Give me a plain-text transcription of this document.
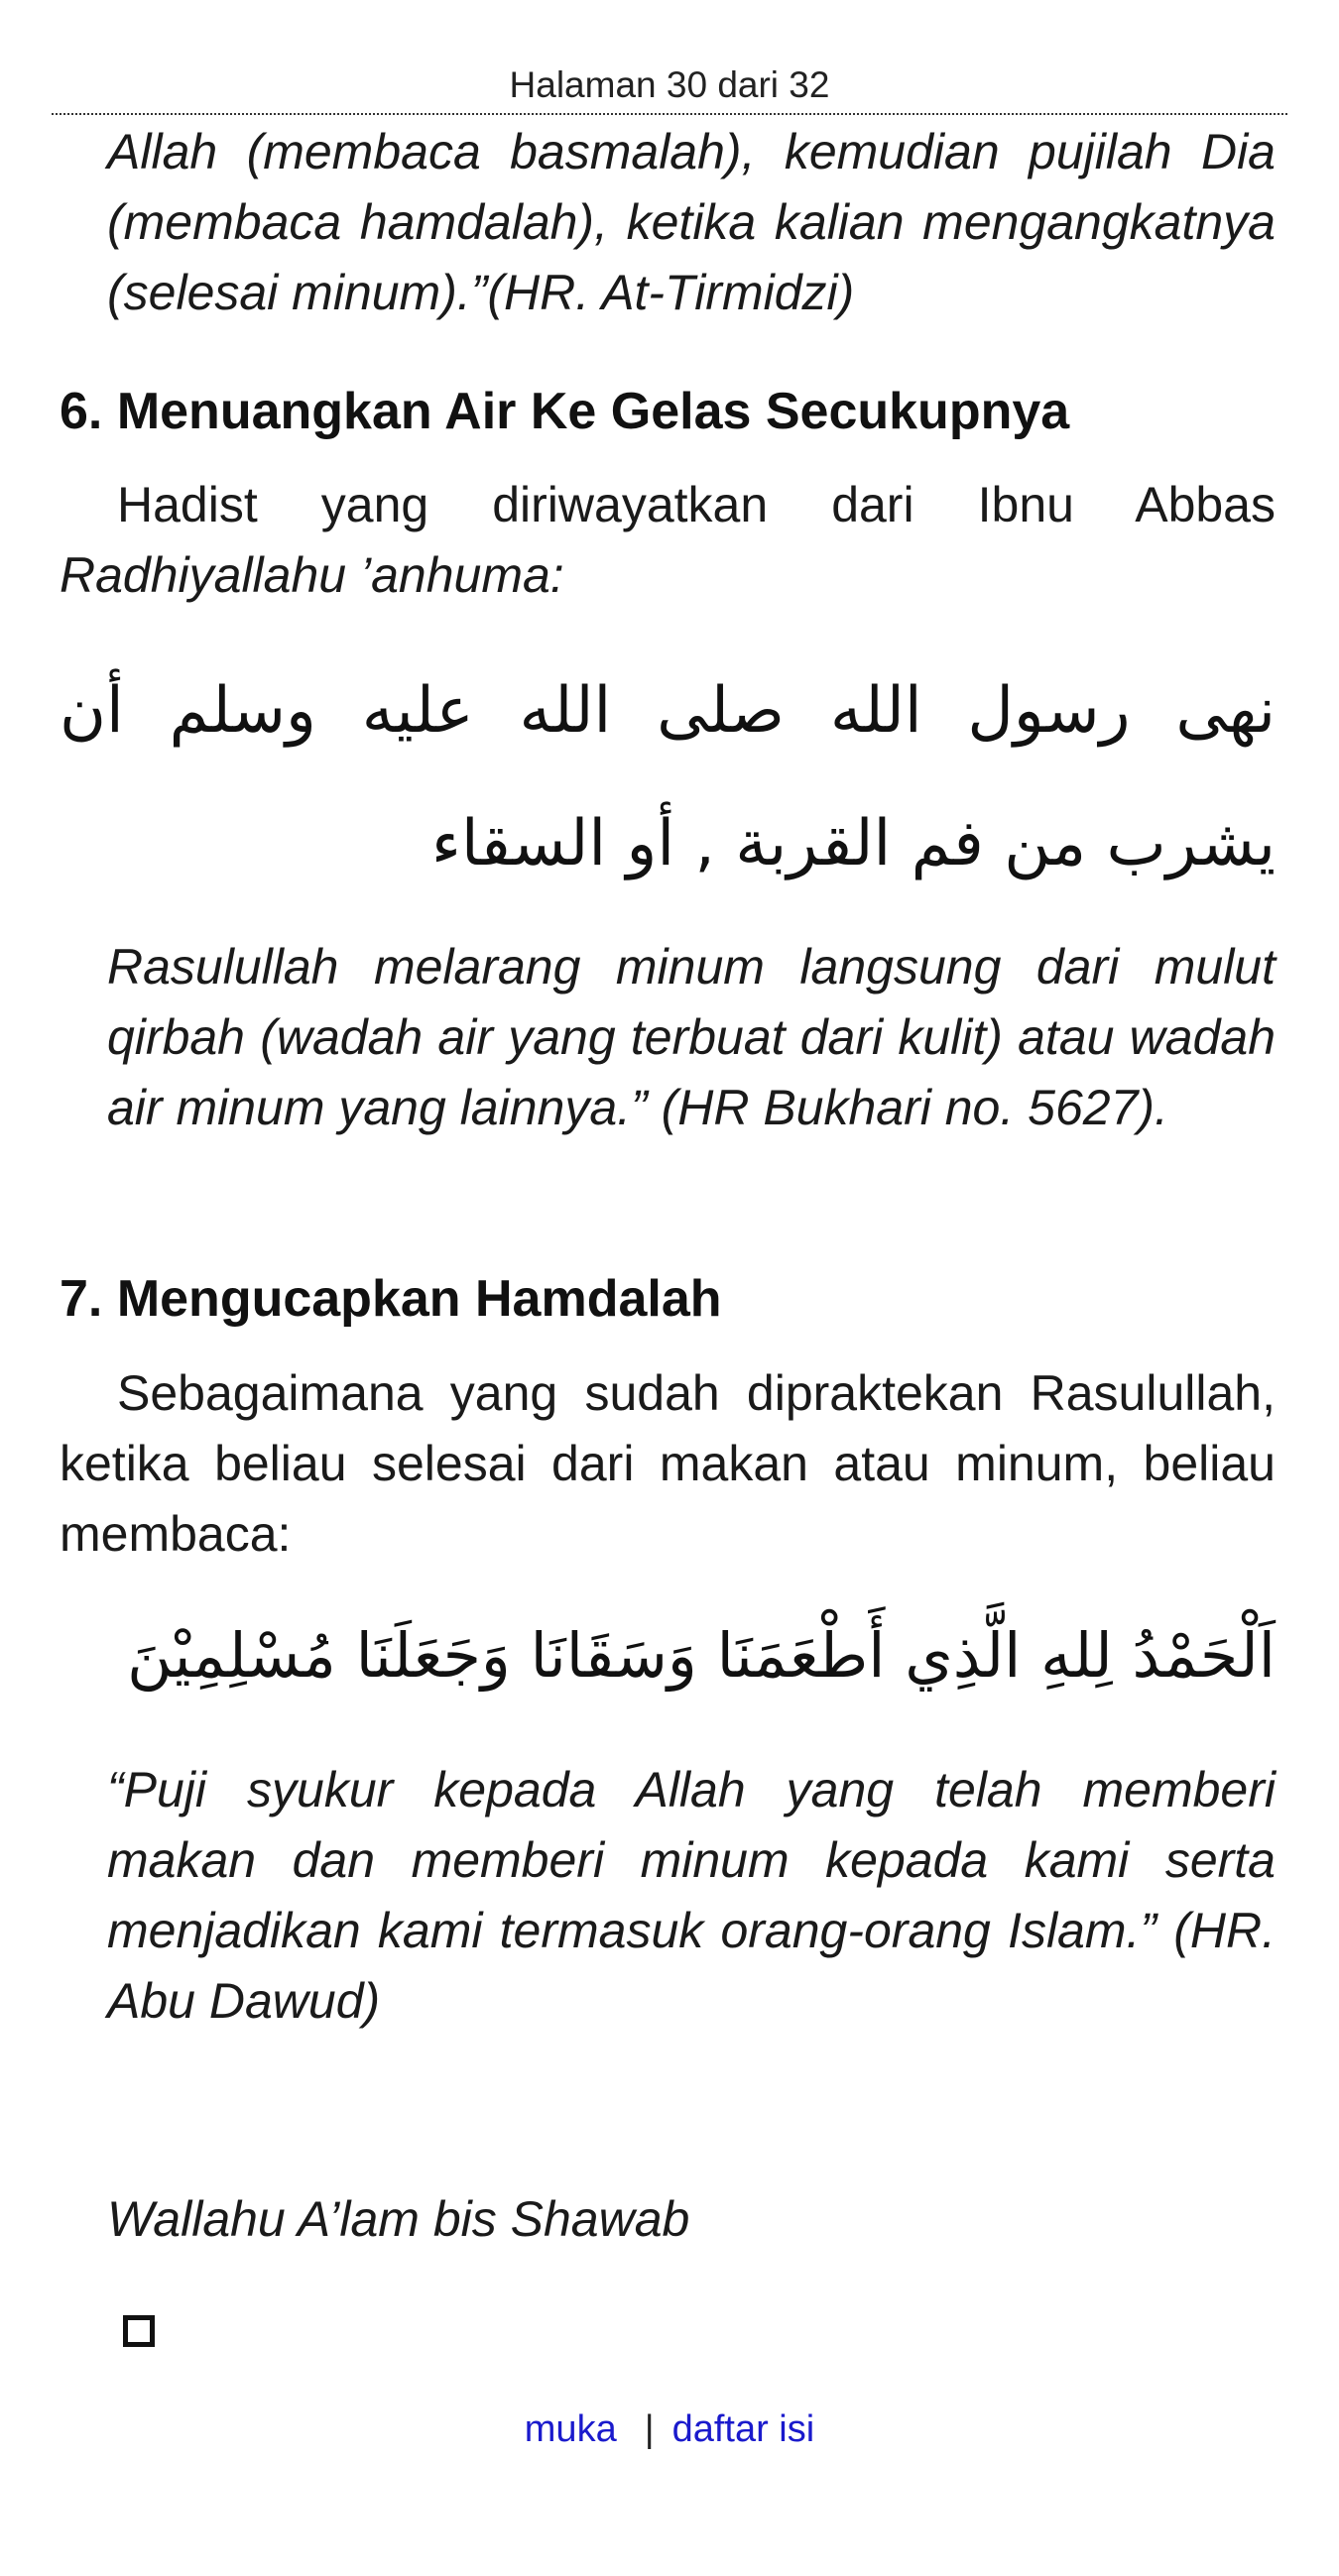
Halaman 30 dari 32
Allah (membaca basmalah), kemudian pujilah Dia (membaca hamdalah), ketika kalian mengangkatnya (selesai minum).”(HR. At-Tirmidzi)
6. Menuangkan Air Ke Gelas Secukupnya
Hadist yang diriwayatkan dari Ibnu Abbas Radhiyallahu ’anhuma:
نهى رسول الله صلى الله عليه وسلم أن يشرب من فم القربة , أو السقاء
Rasulullah melarang minum langsung dari mulut qirbah (wadah air yang terbuat dari kulit) atau wadah air minum yang lainnya.” (HR Bukhari no. 5627).
7. Mengucapkan Hamdalah
Sebagaimana yang sudah dipraktekan Rasulullah, ketika beliau selesai dari makan atau minum, beliau membaca:
اَلْحَمْدُ لِلهِ الَّذِي أَطْعَمَنَا وَسَقَانَا وَجَعَلَنَا مُسْلِمِيْنَ
“Puji syukur kepada Allah yang telah memberi makan dan memberi minum kepada kami serta menjadikan kami termasuk orang-orang Islam.” (HR. Abu Dawud)
Wallahu A’lam bis Shawab
muka | daftar isi
